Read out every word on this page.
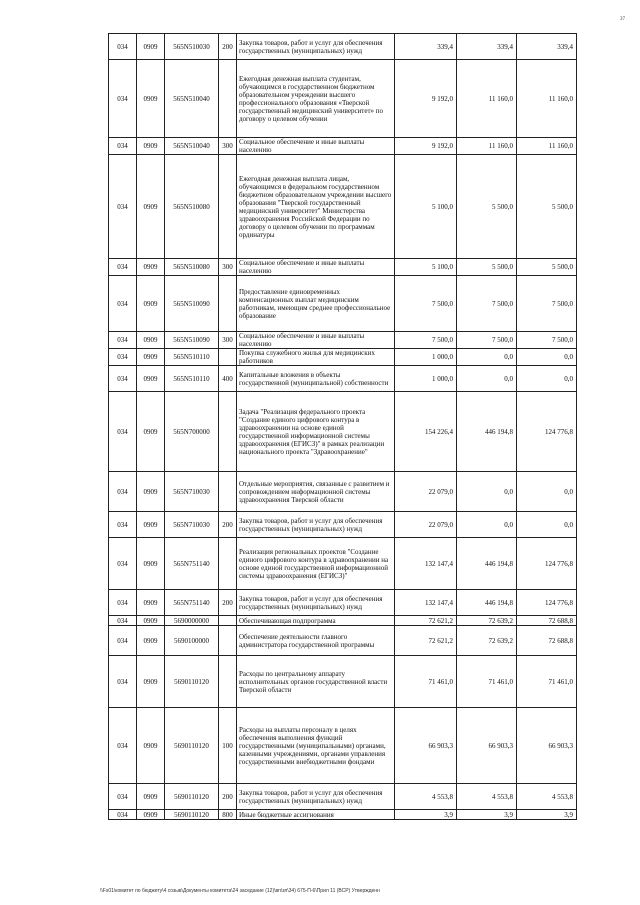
37
034	0909	565N510030	200	Закупка товаров, работ и услуг для обеспечения государственных (муниципальных) нужд	339,4	339,4	339,4
034	0909	565N510040		Ежегодная денежная выплата студентам, обучающимся в государственном бюджетном образовательном учреждении высшего профессионального образования «Тверской государственный медицинский университет» по договору о целевом обучении	9 192,0	11 160,0	11 160,0
034	0909	565N510040	300	Социальное обеспечение и иные выплаты населению	9 192,0	11 160,0	11 160,0
034	0909	565N510080		Ежегодная денежная выплата лицам, обучающимся в федеральном государственном бюджетном образовательном учреждении высшего образования "Тверской государственный медицинский университет" Министерства здравоохранения Российской Федерации по договору о целевом обучении по программам ординатуры	5 100,0	5 500,0	5 500,0
034	0909	565N510080	300	Социальное обеспечение и иные выплаты населению	5 100,0	5 500,0	5 500,0
034	0909	565N510090		Предоставление единовременных компенсационных выплат медицинским работникам, имеющим среднее профессиональное образование	7 500,0	7 500,0	7 500,0
034	0909	565N510090	300	Социальное обеспечение и иные выплаты населению	7 500,0	7 500,0	7 500,0
034	0909	565N510110		Покупка служебного жилья для медицинских работников	1 000,0	0,0	0,0
034	0909	565N510110	400	Капитальные вложения в объекты государственной (муниципальной) собственности	1 000,0	0,0	0,0
034	0909	565N700000		Задача "Реализация федерального проекта "Создание единого цифрового контура в здравоохранении на основе единой государственной информационной системы здравоохранения (ЕГИСЗ)" в рамках реализации национального проекта "Здравоохранение"	154 226,4	446 194,8	124 776,8
034	0909	565N710030		Отдельные мероприятия, связанные с развитием и сопровождением информационной системы здравоохранения Тверской области	22 079,0	0,0	0,0
034	0909	565N710030	200	Закупка товаров, работ и услуг для обеспечения государственных (муниципальных) нужд	22 079,0	0,0	0,0
034	0909	565N751140		Реализация региональных проектов "Создание единого цифрового контура в здравоохранении на основе единой государственной информационной системы здравоохранения (ЕГИСЗ)"	132 147,4	446 194,8	124 776,8
034	0909	565N751140	200	Закупка товаров, работ и услуг для обеспечения государственных (муниципальных) нужд	132 147,4	446 194,8	124 776,8
034	0909	5690000000		Обеспечивающая подпрограмма	72 621,2	72 639,2	72 688,8
034	0909	5690100000		Обеспечение деятельности главного администратора государственной программы	72 621,2	72 639,2	72 688,8
034	0909	5690110120		Расходы по центральному аппарату исполнительных органов государственной власти Тверской области	71 461,0	71 461,0	71 461,0
034	0909	5690110120	100	Расходы на выплаты персоналу в целях обеспечения выполнения функций государственными (муниципальными) органами, казенными учреждениями, органами управления государственными внебюджетными фондами	66 903,3	66 903,3	66 903,3
034	0909	5690110120	200	Закупка товаров, работ и услуг для обеспечения государственных (муниципальных) нужд	4 553,8	4 553,8	4 553,8
034	0909	5690110120	800	Иные бюджетные ассигнования	3,9	3,9	3,9
\\Fs01\комитет по бюджету\4 созыв\Документы комитета\24 заседание (12)\вп\зп\34) 675-П-6\Прил 11 (ВСР) Утвержденн
